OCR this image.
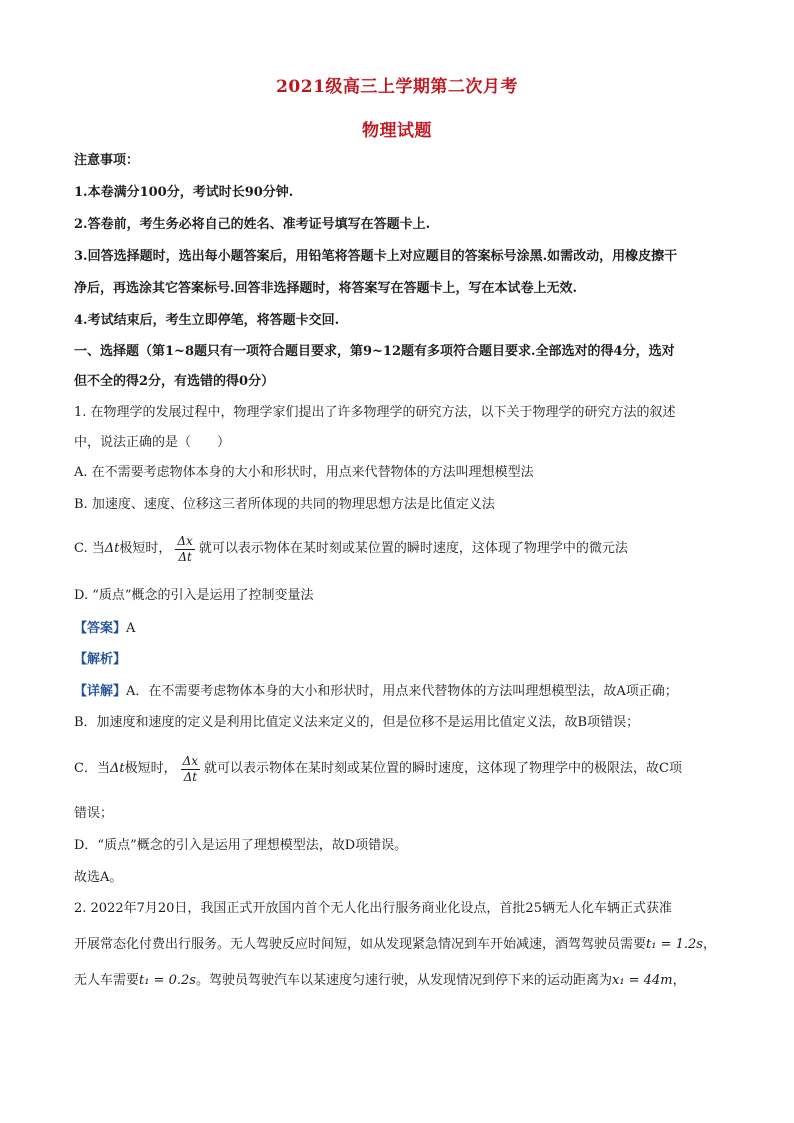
2021级高三上学期第二次月考
物理试题
注意事项：
1.本卷满分100分，考试时长90分钟.
2.答卷前，考生务必将自己的姓名、准考证号填写在答题卡上.
3.回答选择题时，选出每小题答案后，用铅笔将答题卡上对应题目的答案标号涂黑.如需改动，用橡皮擦干
净后，再选涂其它答案标号.回答非选择题时，将答案写在答题卡上，写在本试卷上无效.
4.考试结束后，考生立即停笔，将答题卡交回.
一、选择题（第1~8题只有一项符合题目要求，第9~12题有多项符合题目要求.全部选对的得4分，选对
但不全的得2分，有选错的得0分）
1. 在物理学的发展过程中，物理学家们提出了许多物理学的研究方法，以下关于物理学的研究方法的叙述
中，说法正确的是（　　）
A. 在不需要考虑物体本身的大小和形状时，用点来代替物体的方法叫理想模型法
B. 加速度、速度、位移这三者所体现的共同的物理思想方法是比值定义法
C. 当 Δt 极短时， $\frac{\Delta x}{\Delta t}$ 就可以表示物体在某时刻或某位置的瞬时速度，这体现了物理学中的微元法
D. “质点”概念的引入是运用了控制变量法
【答案】A
【解析】
【详解】A．在不需要考虑物体本身的大小和形状时，用点来代替物体的方法叫理想模型法，故A项正确；
B．加速度和速度的定义是利用比值定义法来定义的，但是位移不是运用比值定义法，故B项错误；
C．当 Δt 极短时， $\frac{\Delta x}{\Delta t}$ 就可以表示物体在某时刻或某位置的瞬时速度，这体现了物理学中的极限法，故C项
错误；
D．“质点”概念的引入是运用了理想模型法，故D项错误。
故选A。
2. 2022年7月20日，我国正式开放国内首个无人化出行服务商业化设点，首批25辆无人化车辆正式获准
开展常态化付费出行服务。无人驾驶反应时间短，如从发现紧急情况到车开始减速，酒驾驾驶员需要t₁ = 1.2s，
无人车需要t₁ = 0.2s。驾驶员驾驶汽车以某速度匀速行驶，从发现情况到停下来的运动距离为x₁ = 44m，
